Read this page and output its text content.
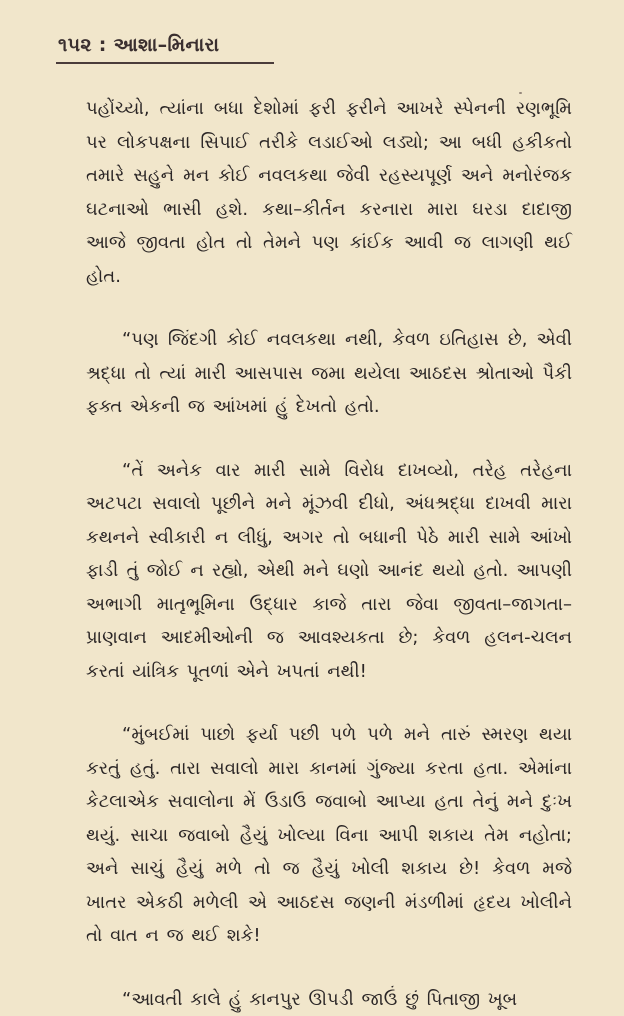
૧૫૨ : આશા–મિનારા

પહોંચ્યો, ત્યાંના બધા દેશોમાં ફરી ફરીને આખરે સ્પેનની રણભૂમિ પર લોકપક્ષના સિપાઈ તરીકે લડાઈઓ લડ્યો; આ બધી હકીકતો તમારે સહુને મન કોઈ નવલકથા જેવી રહસ્યપૂર્ણ અને મનોરંજક ઘટનાઓ ભાસી હશે. કથા–કીર્તન કરનારા મારા ઘરડા દાદાજી આજે જીવતા હોત તો તેમને પણ કાંઈક આવી જ લાગણી થઈ હોત.

“પણ જિંદગી કોઈ નવલકથા નથી, કેવળ ઇતિહાસ છે, એવી શ્રદ્ધા તો ત્યાં મારી આસપાસ જમા થયેલા આઠદસ શ્રોતાઓ પૈકી ફક્ત એકની જ આંખમાં હું દેખતો હતો.

“તેં અનેક વાર મારી સામે વિરોધ દાખવ્યો, તરેહ તરેહના અટપટા સવાલો પૂછીને મને મૂંઝવી દીધો, અંધશ્રદ્ધા દાખવી મારા કથનને સ્વીકારી ન લીધું, અગર તો બધાની પેઠે મારી સામે આંખો ફાડી તું જોઈ ન રહ્યો, એથી મને ઘણો આનંદ થયો હતો. આપણી અભાગી માતૃભૂમિના ઉદ્ધાર કાજે તારા જેવા જીવતા–જાગતા–પ્રાણવાન આદમીઓની જ આવશ્યકતા છે; કેવળ હલન-ચલન કરતાં યાંત્રિક પૂતળાં એને ખપતાં નથી!

“મુંબઈમાં પાછો ફર્યા પછી પળે પળે મને તારું સ્મરણ થયા કરતું હતું. તારા સવાલો મારા કાનમાં ગુંજ્યા કરતા હતા. એમાંના કેટલાએક સવાલોના મેં ઉડાઉ જવાબો આપ્યા હતા તેનું મને દુઃખ થયું. સાચા જવાબો હૈયું ખોલ્યા વિના આપી શકાય તેમ નહોતા; અને સાચું હૈયું મળે તો જ હૈયું ખોલી શકાય છે! કેવળ મજે ખાતર એકઠી મળેલી એ આઠદસ જણની મંડળીમાં હૃદય ખોલીને તો વાત ન જ થઈ શકે!

“આવતી કાલે હું કાનપુર ઊપડી જાઉં છું પિતાજી ખૂબ
